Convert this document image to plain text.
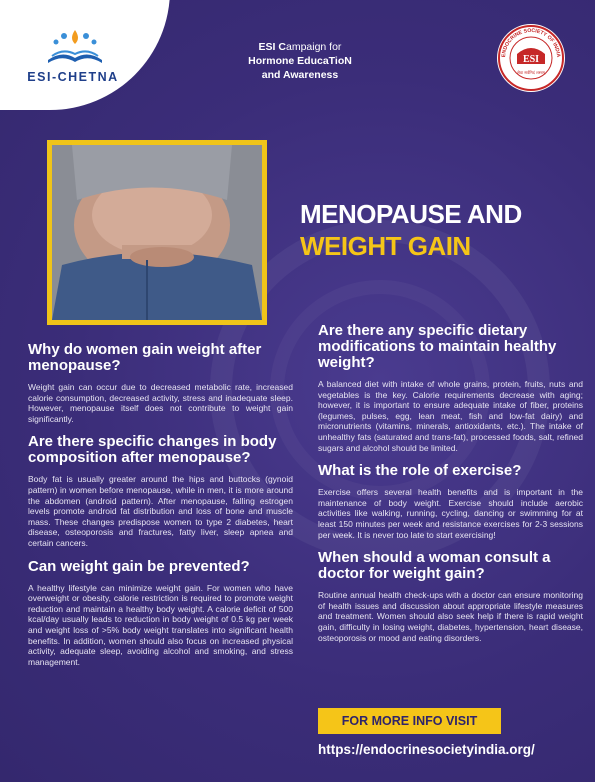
ESI-CHETNA
ESI Campaign for
Hormone EducaTioN
and Awareness
ESI
ENDOCRINE SOCIETY OF INDIA
सेवा सर्वमिदं शस्त्रम्
MENOPAUSE AND
WEIGHT GAIN
Why do women gain weight after menopause?

Weight gain can occur due to decreased metabolic rate, increased calorie consumption, decreased activity, stress and inadequate sleep. However, menopause itself does not contribute to weight gain significantly.

Are there specific changes in body composition after menopause?

Body fat is usually greater around the hips and buttocks (gynoid pattern) in women before menopause, while in men, it is more around the abdomen (android pattern). After menopause, falling estrogen levels promote android fat distribution and loss of bone and muscle mass. These changes predispose women to type 2 diabetes, heart disease, osteoporosis and fractures, fatty liver, sleep apnea and certain cancers.

Can weight gain be prevented?

A healthy lifestyle can minimize weight gain. For women who have overweight or obesity, calorie restriction is required to promote weight reduction and maintain a healthy body weight. A calorie deficit of 500 kcal/day usually leads to reduction in body weight of 0.5 kg per week and weight loss of >5% body weight translates into significant health benefits. In addition, women should also focus on increased physical activity, adequate sleep, avoiding alcohol and smoking, and stress management.

Are there any specific dietary modifications to maintain healthy weight?

A balanced diet with intake of whole grains, protein, fruits, nuts and vegetables is the key. Calorie requirements decrease with aging; however, it is important to ensure adequate intake of fiber, proteins (legumes, pulses, egg, lean meat, fish and low-fat dairy) and micronutrients (vitamins, minerals, antioxidants, etc.). The intake of unhealthy fats (saturated and trans-fat), processed foods, salt, refined sugars and alcohol should be limited.

What is the role of exercise?

Exercise offers several health benefits and is important in the maintenance of body weight. Exercise should include aerobic activities like walking, running, cycling, dancing or swimming for at least 150 minutes per week and resistance exercises for 2-3 sessions per week. It is never too late to start exercising!

When should a woman consult a doctor for weight gain?

Routine annual health check-ups with a doctor can ensure monitoring of health issues and discussion about appropriate lifestyle measures and treatment. Women should also seek help if there is rapid weight gain, difficulty in losing weight, diabetes, hypertension, heart disease, osteoporosis or mood and eating disorders.

FOR MORE INFO VISIT
https://endocrinesocietyindia.org/
